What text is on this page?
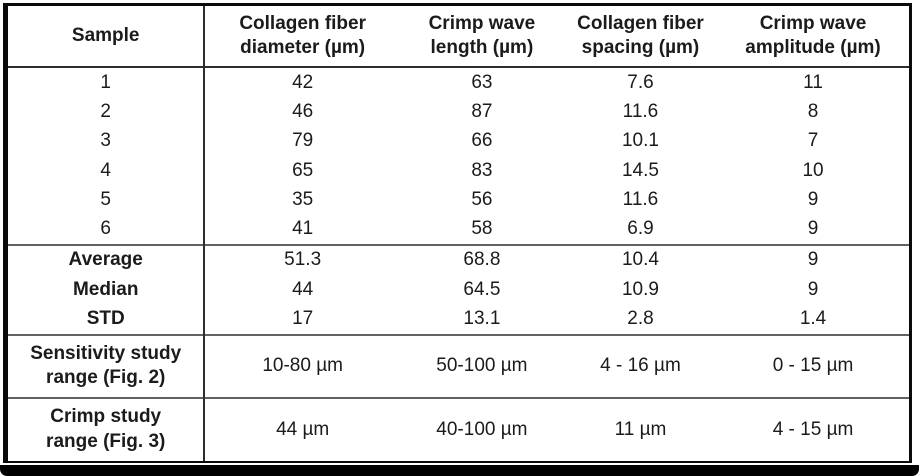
Sample	Collagen fiber diameter (µm)	Crimp wave length (µm)	Collagen fiber spacing (µm)	Crimp wave amplitude (µm)
1	42	63	7.6	11
2	46	87	11.6	8
3	79	66	10.1	7
4	65	83	14.5	10
5	35	56	11.6	9
6	41	58	6.9	9
Average	51.3	68.8	10.4	9
Median	44	64.5	10.9	9
STD	17	13.1	2.8	1.4
Sensitivity study range (Fig. 2)	10-80 µm	50-100 µm	4 - 16 µm	0 - 15 µm
Crimp study range (Fig. 3)	44 µm	40-100 µm	11 µm	4 - 15 µm
